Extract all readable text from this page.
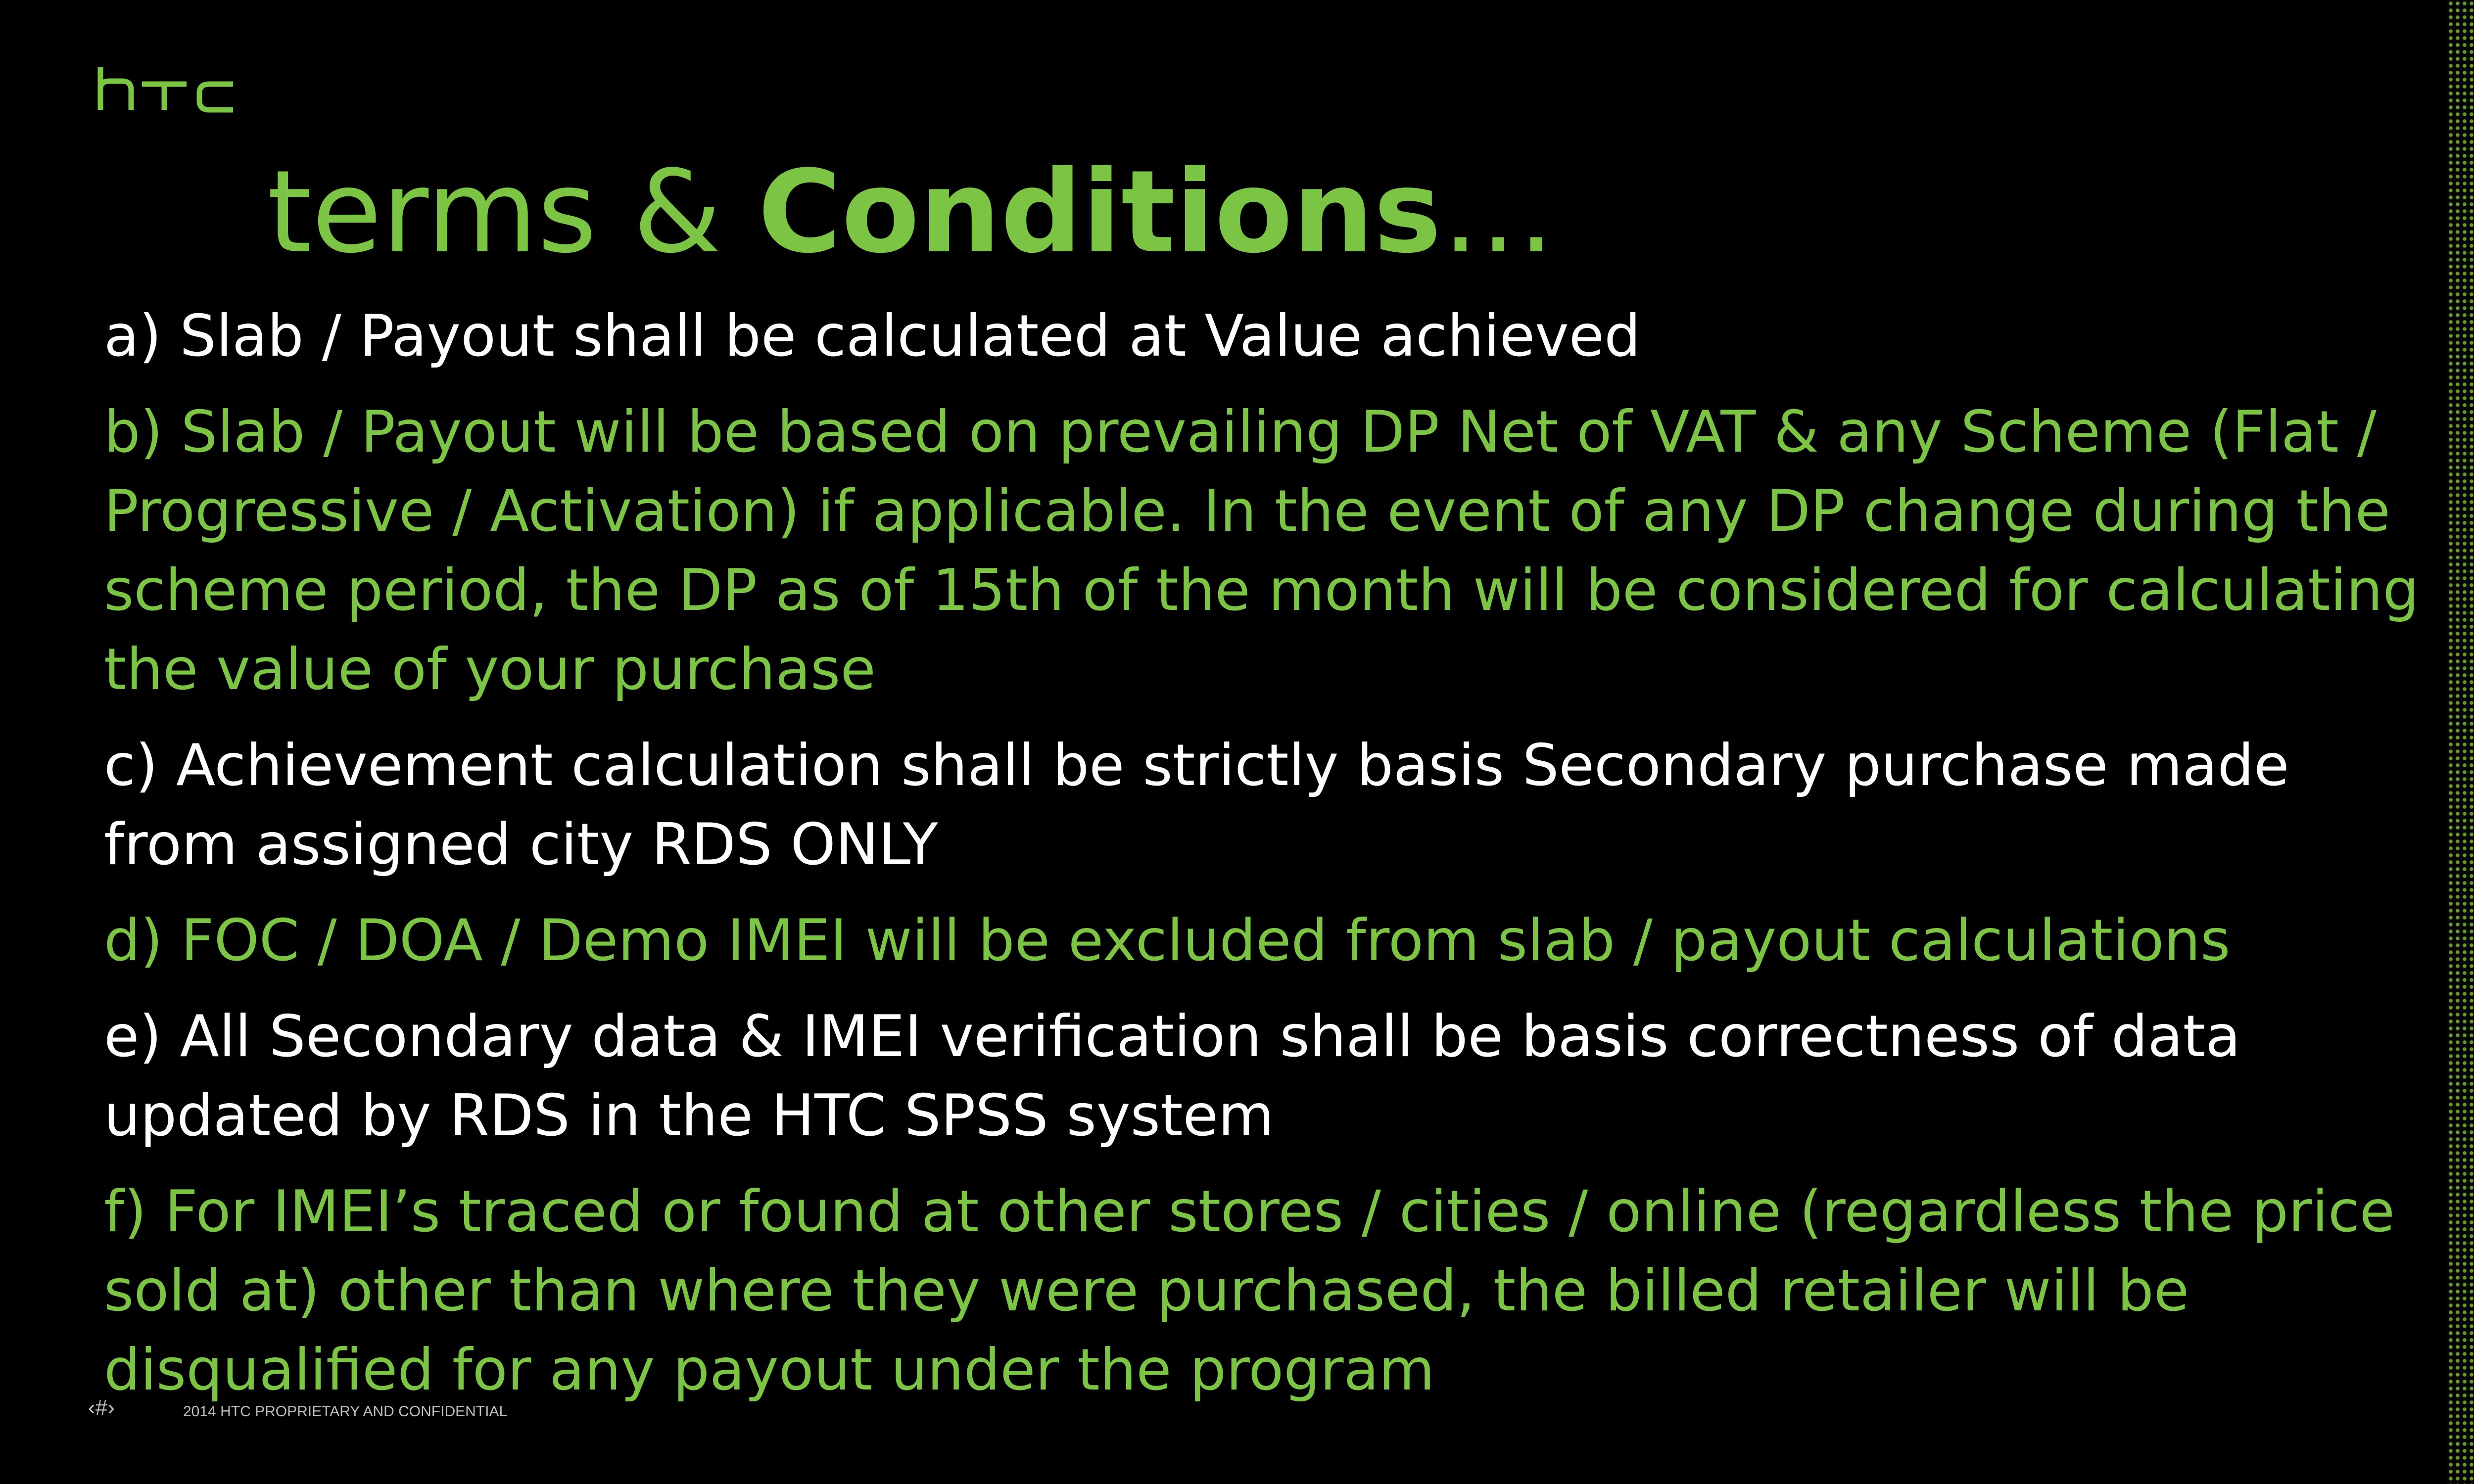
terms & Conditions…
a) Slab / Payout shall be calculated at Value achieved
b) Slab / Payout will be based on prevailing DP Net of VAT & any Scheme (Flat / Progressive / Activation) if applicable. In the event of any DP change during the scheme period, the DP as of 15th of the month will be considered for calculating the value of your purchase
c) Achievement calculation shall be strictly basis Secondary purchase made from assigned city RDS ONLY
d) FOC / DOA / Demo IMEI will be excluded from slab / payout calculations
e) All Secondary data & IMEI verification shall be basis correctness of data updated by RDS in the HTC SPSS system
f) For IMEI’s traced or found at other stores / cities / online (regardless the price sold at) other than where they were purchased, the billed retailer will be disqualified for any payout under the program
‹#›	2014 HTC PROPRIETARY AND CONFIDENTIAL
